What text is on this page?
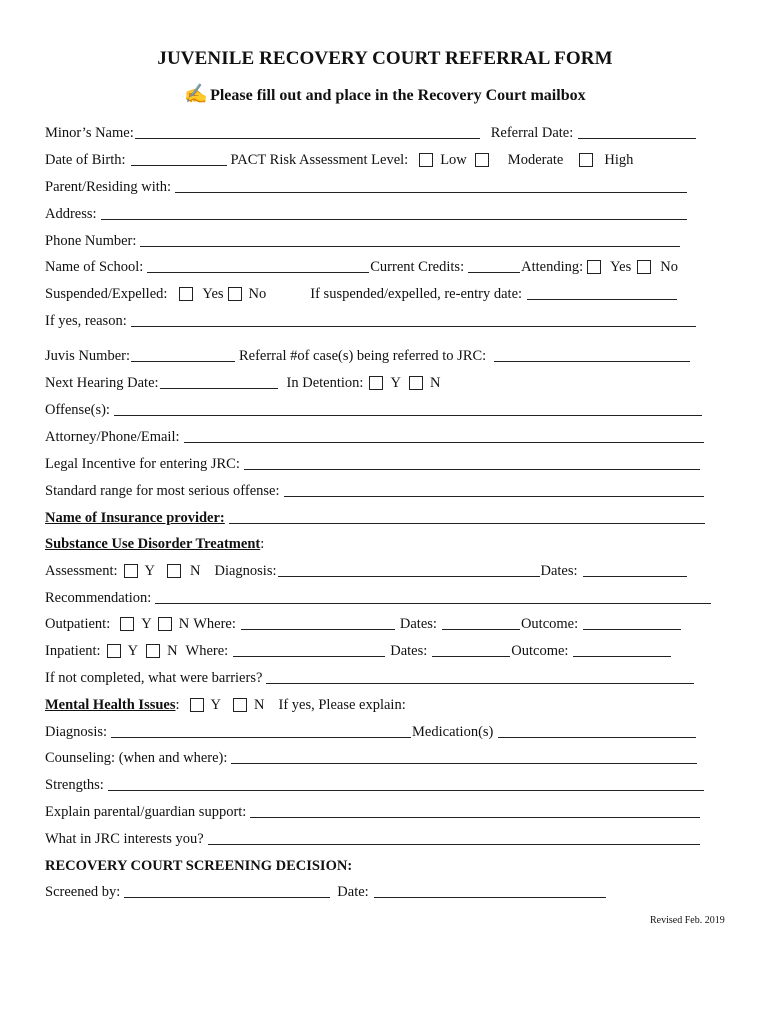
JUVENILE RECOVERY COURT REFERRAL FORM
✍ Please fill out and place in the Recovery Court mailbox
Minor’s Name:	Referral Date:
Date of Birth:	PACT Risk Assessment Level: Low	Moderate	High
Parent/Residing with:
Address:
Phone Number:
Name of School:	Current Credits:	Attending: Yes No
Suspended/Expelled: Yes No	If suspended/expelled, re-entry date:
If yes, reason:
Juvis Number:	Referral #of case(s) being referred to JRC:
Next Hearing Date:	In Detention: Y N
Offense(s):
Attorney/Phone/Email:
Legal Incentive for entering JRC:
Standard range for most serious offense:
Name of Insurance provider:
Substance Use Disorder Treatment :
Assessment: Y N Diagnosis:	Dates:
Recommendation:
Outpatient: Y N Where:	Dates:	Outcome:
Inpatient: Y N Where:	Dates:	Outcome:
If not completed, what were barriers?
Mental Health Issues : Y N If yes, Please explain:
Diagnosis:	Medication(s)
Counseling: (when and where):
Strengths:
Explain parental/guardian support:
What in JRC interests you?
RECOVERY COURT SCREENING DECISION:
Screened by:	Date:
Revised Feb. 2019
